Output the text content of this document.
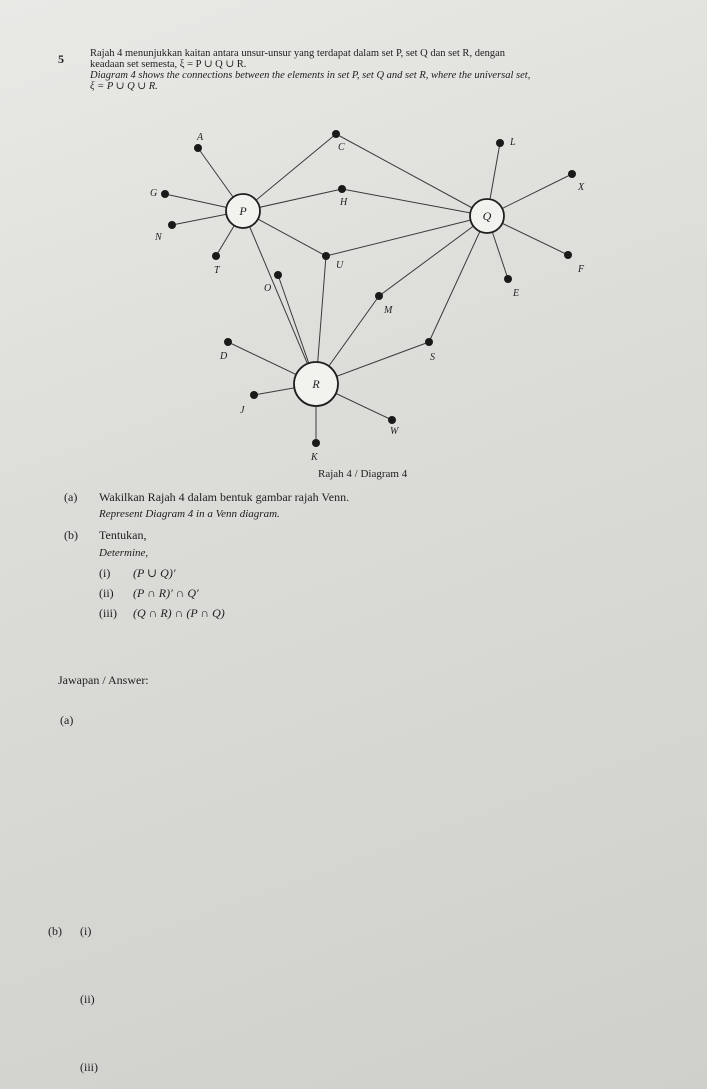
5 Rajah 4 menunjukkan kaitan antara unsur-unsur yang terdapat dalam set P, set Q dan set R, dengan
keadaan set semesta, ξ = P ∪ Q ∪ R.
Diagram 4 shows the connections between the elements in set P, set Q and set R, where the universal set,
ξ = P ∪ Q ∪ R.
P	Q
R
A
C	L
G
H
X
N
T	U	F
O	E
M
D	S
J
W
K
Rajah 4 / Diagram 4
(a) Wakilkan Rajah 4 dalam bentuk gambar rajah Venn.
Represent Diagram 4 in a Venn diagram.
(b) Tentukan,
Determine,
(i) (P ∪ Q)'
(ii) (P ∩ R)' ∩ Q'
(iii) (Q ∩ R) ∩ (P ∩ Q)
Jawapan / Answer:
(a)
(b) (i)
(ii)
(iii)
